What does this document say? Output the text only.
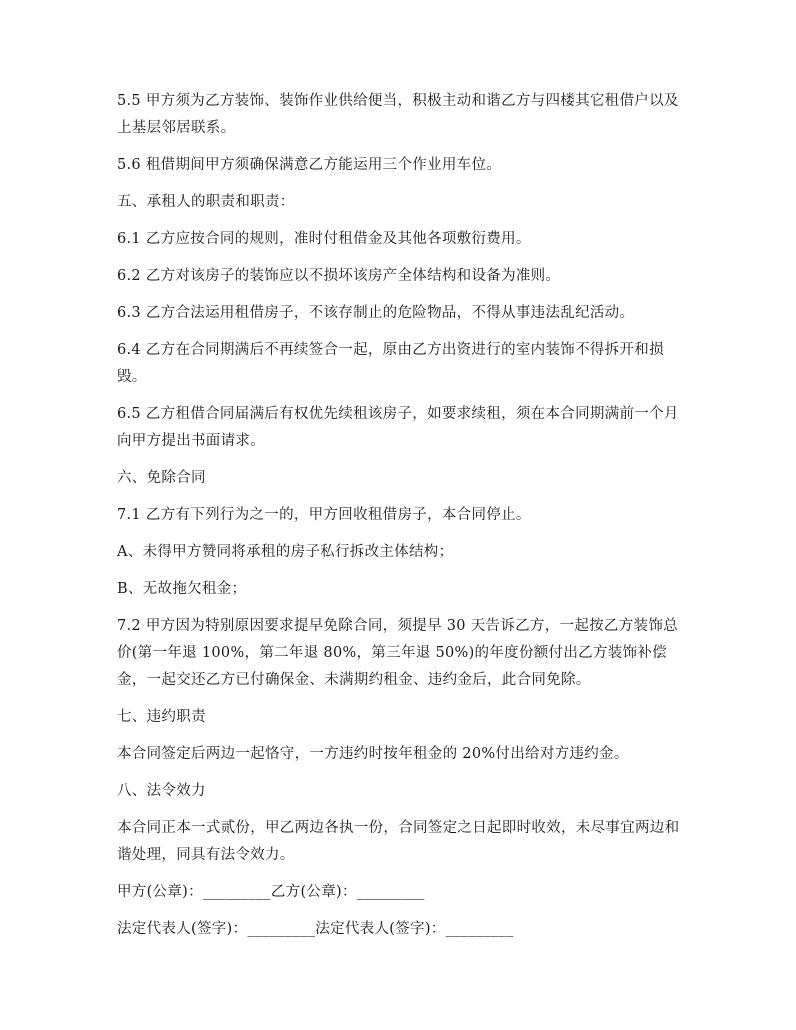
5.5 甲方须为乙方装饰、装饰作业供给便当，积极主动和谐乙方与四楼其它租借户以及上基层邻居联系。

5.6 租借期间甲方须确保满意乙方能运用三个作业用车位。

五、承租人的职责和职责：

6.1 乙方应按合同的规则，准时付租借金及其他各项敷衍费用。

6.2 乙方对该房子的装饰应以不损坏该房产全体结构和设备为准则。

6.3 乙方合法运用租借房子，不该存制止的危险物品，不得从事违法乱纪活动。

6.4 乙方在合同期满后不再续签合一起，原由乙方出资进行的室内装饰不得拆开和损毁。

6.5 乙方租借合同届满后有权优先续租该房子，如要求续租，须在本合同期满前一个月向甲方提出书面请求。

六、免除合同

7.1 乙方有下列行为之一的，甲方回收租借房子，本合同停止。

A、未得甲方赞同将承租的房子私行拆改主体结构；

B、无故拖欠租金；

7.2 甲方因为特别原因要求提早免除合同，须提早 30 天告诉乙方，一起按乙方装饰总价(第一年退 100%，第二年退 80%，第三年退 50%)的年度份额付出乙方装饰补偿金，一起交还乙方已付确保金、未满期约租金、违约金后，此合同免除。

七、违约职责

本合同签定后两边一起恪守，一方违约时按年租金的 20%付出给对方违约金。

八、法令效力

本合同正本一式贰份，甲乙两边各执一份，合同签定之日起即时收效，未尽事宜两边和谐处理，同具有法令效力。

甲方(公章)：_________乙方(公章)：_________

法定代表人(签字)：_________法定代表人(签字)：_________
